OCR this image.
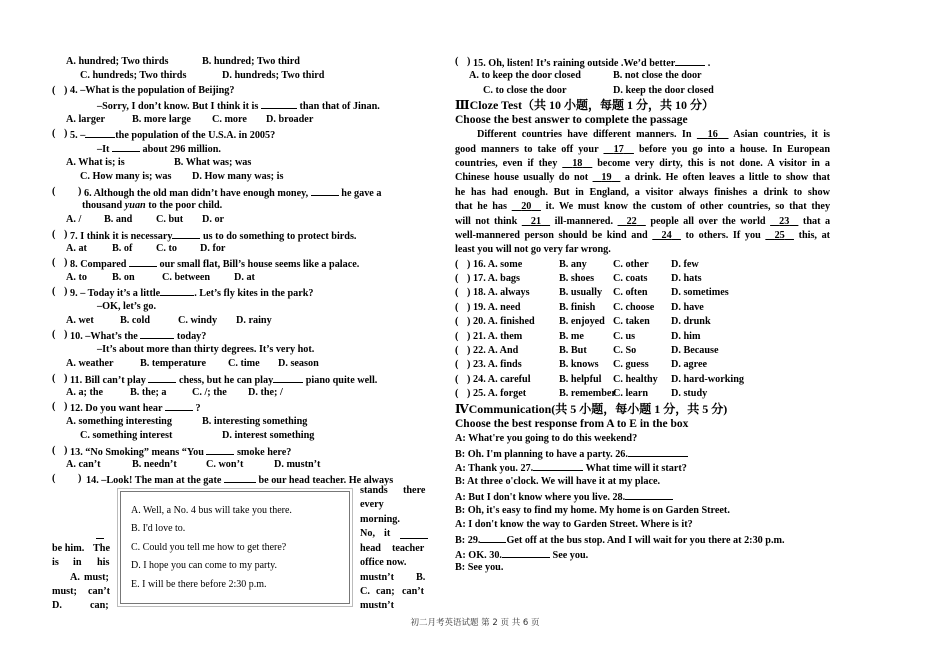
A. hundred; Two thirds	B. hundred; Two third
C. hundreds; Two thirds	D. hundreds; Two third
( ) 4. –What is the population of Beijing?
–Sorry, I don’t know. But I think it is	than that of Jinan.
A. larger	B. more large C. more D. broader
( ) 5. –	the population of the U.S.A. in 2005?
–It	about 296 million.
A. What is; is	B. What was; was
C. How many is; was D. How many was; is
( ) 6. Although the old man didn’t have enough money,	he gave a
thousand yuan to the poor child.
A. / B. and C. but D. or
( ) 7. I think it is necessary	us to do something to protect birds.
A. at B. of C. to D. for
( ) 8. Compared	our small flat, Bill’s house seems like a palace.
A. to B. on	C. between D. at
( ) 9. – Today it’s a little	. Let’s fly kites in the park?
–OK, let’s go.
A. wet	B. cold	C. windy D. rainy
( ) 10. –What’s the	today?
–It’s about more than thirty degrees. It’s very hot.
A. weather	B. temperature C. time D. season
( ) 11. Bill can’t play	chess, but he can play	piano quite well.
A. a; the	B. the; a C. /; the D. the; /
( ) 12. Do you want hear	?
A. something interesting	B. interesting something
C. something interest	D. interest something
( ) 13. “No Smoking” means “You	smoke here?
A. can’t	B. needn’t	C. won’t	D. mustn’t
( ) 14. –Look! The man at the gate	be our head teacher. He always
stands there
every
morning.
No, it
head teacher
office now.
mustn’t B.
C. can; can’t
mustn’t
be him. The
is in his
A. must;
must; can’t
D.	can;
A. Well, a No. 4 bus will take you there.
B. I'd love to.
C. Could you tell me how to get there?
D. I hope you can come to my party.
E. I will be there before 2:30 p.m.
( ) 15. Oh, listen! It’s raining outside .We’d better	.
A. to keep the door closed	B. not close the door
C. to close the door	D. keep the door closed
ⅢCloze Test（共 10 小题，每题 1 分，共 10 分）
Choose the best answer to complete the passage
Different countries have different manners. In 16 Asian countries, it is
good manners to take off your 17 before you go into a house. In European
countries, even if they 18 become very dirty, this is not done. A visitor in a
Chinese house usually do not 19 a drink. He often leaves a little to show that
he has had enough. But in England, a visitor always finishes a drink to show
that he has 20 it. We must know the custom of other countries, so that they
will not think 21 ill-mannered. 22 people all over the world 23 that a
well-mannered person should be kind and 24 to others. If you 25 this, at
least you will not go very far wrong.
( ) 16. A. some	B. any	C. other D. few
( ) 17. A. bags	B. shoes C. coats D. hats
( ) 18. A. always	B. usually C. often D. sometimes
( ) 19. A. need	B. finish C. choose D. have
( ) 20. A. finished B. enjoyed C. taken D. drunk
( ) 21. A. them	B. me	C. us	D. him
( ) 22. A. And	B. But	C. So	D. Because
( ) 23. A. finds	B. knows C. guess D. agree
( ) 24. A. careful	B. helpful C. healthy D. hard-working
( ) 25. A. forget	B. remember
C. learn D. study
ⅣCommunication(共 5 小题，每小题 1 分，共 5 分)
Choose the best response from A to E in the box
A: What're you going to do this weekend?
B: Oh. I'm planning to have a party. 26.
A: Thank you. 27.	What time will it start?
B: At three o'clock. We will have it at my place.
A: But I don't know where you live. 28.
B: Oh, it's easy to find my home. My home is on Garden Street.
A: I don't know the way to Garden Street. Where is it?
B: 29.	Get off at the bus stop. And I will wait for you there at 2:30 p.m.
A: OK. 30.	See you.
B: See you.
初二月考英语试题 第 2 页 共 6 页
